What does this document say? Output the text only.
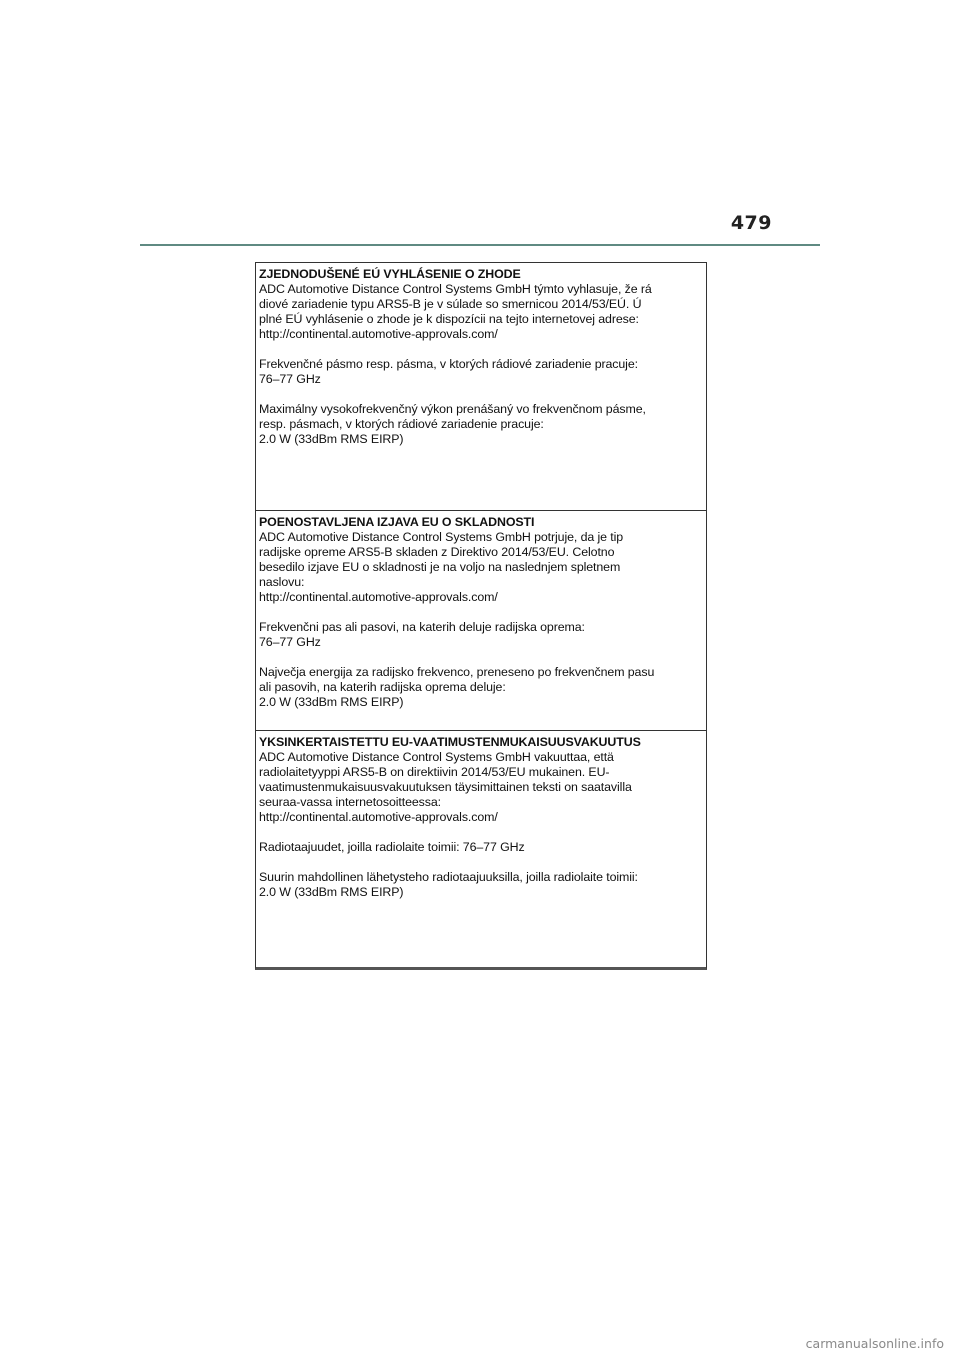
479

ZJEDNODUŠENÉ EÚ VYHLÁSENIE O ZHODE

ADC Automotive Distance Control Systems GmbH týmto vyhlasuje, že rá

diové zariadenie typu ARS5-B je v súlade so smernicou 2014/53/EÚ. Ú

plné EÚ vyhlásenie o zhode je k dispozícii na tejto internetovej adrese:

http://continental.automotive-approvals.com/

Frekvenčné pásmo resp. pásma, v ktorých rádiové zariadenie pracuje:

76–77 GHz

Maximálny vysokofrekvenčný výkon prenášaný vo frekvenčnom pásme,

resp. pásmach, v ktorých rádiové zariadenie pracuje:

2.0 W (33dBm RMS EIRP)

POENOSTAVLJENA IZJAVA EU O SKLADNOSTI

ADC Automotive Distance Control Systems GmbH potrjuje, da je tip

radijske opreme ARS5-B skladen z Direktivo 2014/53/EU. Celotno

besedilo izjave EU o skladnosti je na voljo na naslednjem spletnem

naslovu:

http://continental.automotive-approvals.com/

Frekvenčni pas ali pasovi, na katerih deluje radijska oprema:

76–77 GHz

Največja energija za radijsko frekvenco, preneseno po frekvenčnem pasu

ali pasovih, na katerih radijska oprema deluje:

2.0 W (33dBm RMS EIRP)

YKSINKERTAISTETTU EU-VAATIMUSTENMUKAISUUSVAKUUTUS

ADC Automotive Distance Control Systems GmbH vakuuttaa, että

radiolaitetyyppi ARS5-B on direktiivin 2014/53/EU mukainen. EU-

vaatimustenmukaisuusvakuutuksen täysimittainen teksti on saatavilla

seuraa-vassa internetosoitteessa:

http://continental.automotive-approvals.com/

Radiotaajuudet, joilla radiolaite toimii: 76–77 GHz

Suurin mahdollinen lähetysteho radiotaajuuksilla, joilla radiolaite toimii:

2.0 W (33dBm RMS EIRP)

carmanualsonline.info
